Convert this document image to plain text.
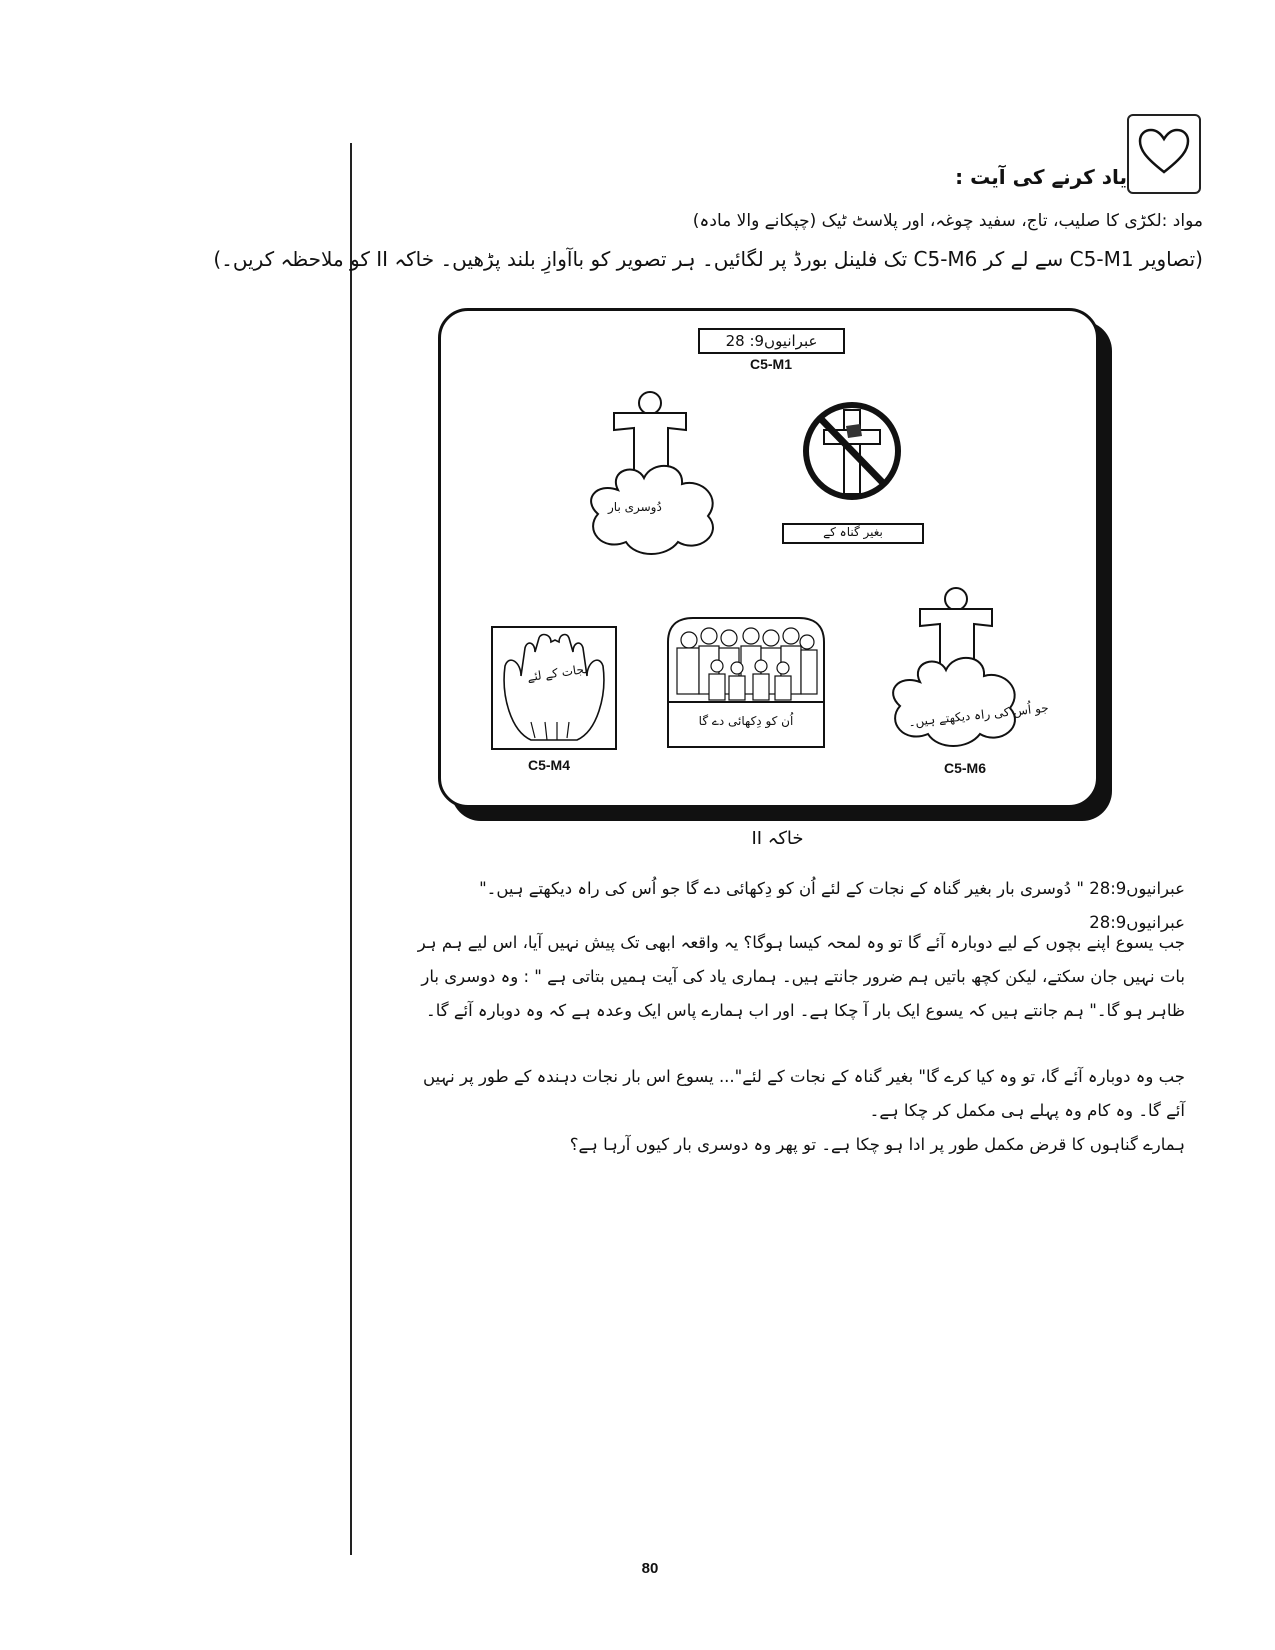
یاد کرنے کی آیت :
مواد :لکڑی کا صلیب، تاج، سفید چوغہ، اور پلاسٹ ٹیک (چپکانے والا مادہ)
(تصاویر C5-M1 سے لے کر C5-M6 تک فلینل بورڈ پر لگائیں۔ ہر تصویر کو باآوازِ بلند پڑھیں۔ خاکہ II کو ملاحظہ کریں۔)
عبرانیوں9: 28
C5-M1
دُوسری بار
بغیر گناہ کے
نجات کے لئے
C5-M4
اُن کو دِکھائی دے گا	جو اُس کی راہ دیکھتے ہیں۔
C5-M6
خاکہ II
عبرانیوں28:9 " دُوسری بار بغیر گناہ کے نجات کے لئے اُن کو دِکھائی دے گا جو اُس کی راہ دیکھتے ہیں۔" عبرانیوں28:9
جب یسوع اپنے بچوں کے لیے دوبارہ آئے گا تو وہ لمحہ کیسا ہوگا؟ یہ واقعہ ابھی تک پیش نہیں آیا، اس لیے ہم ہر بات نہیں جان سکتے، لیکن کچھ باتیں ہم ضرور جانتے ہیں۔ ہماری یاد کی آیت ہمیں بتاتی ہے " : وہ دوسری بار ظاہر ہو گا۔" ہم جانتے ہیں کہ یسوع ایک بار آ چکا ہے۔ اور اب ہمارے پاس ایک وعدہ ہے کہ وہ دوبارہ آئے گا۔
جب وہ دوبارہ آئے گا، تو وہ کیا کرے گا" بغیر گناہ کے نجات کے لئے"... یسوع اس بار نجات دہندہ کے طور پر نہیں آئے گا۔ وہ کام وہ پہلے ہی مکمل کر چکا ہے۔
ہمارے گناہوں کا قرض مکمل طور پر ادا ہو چکا ہے۔ تو پھر وہ دوسری بار کیوں آرہا ہے؟
80
